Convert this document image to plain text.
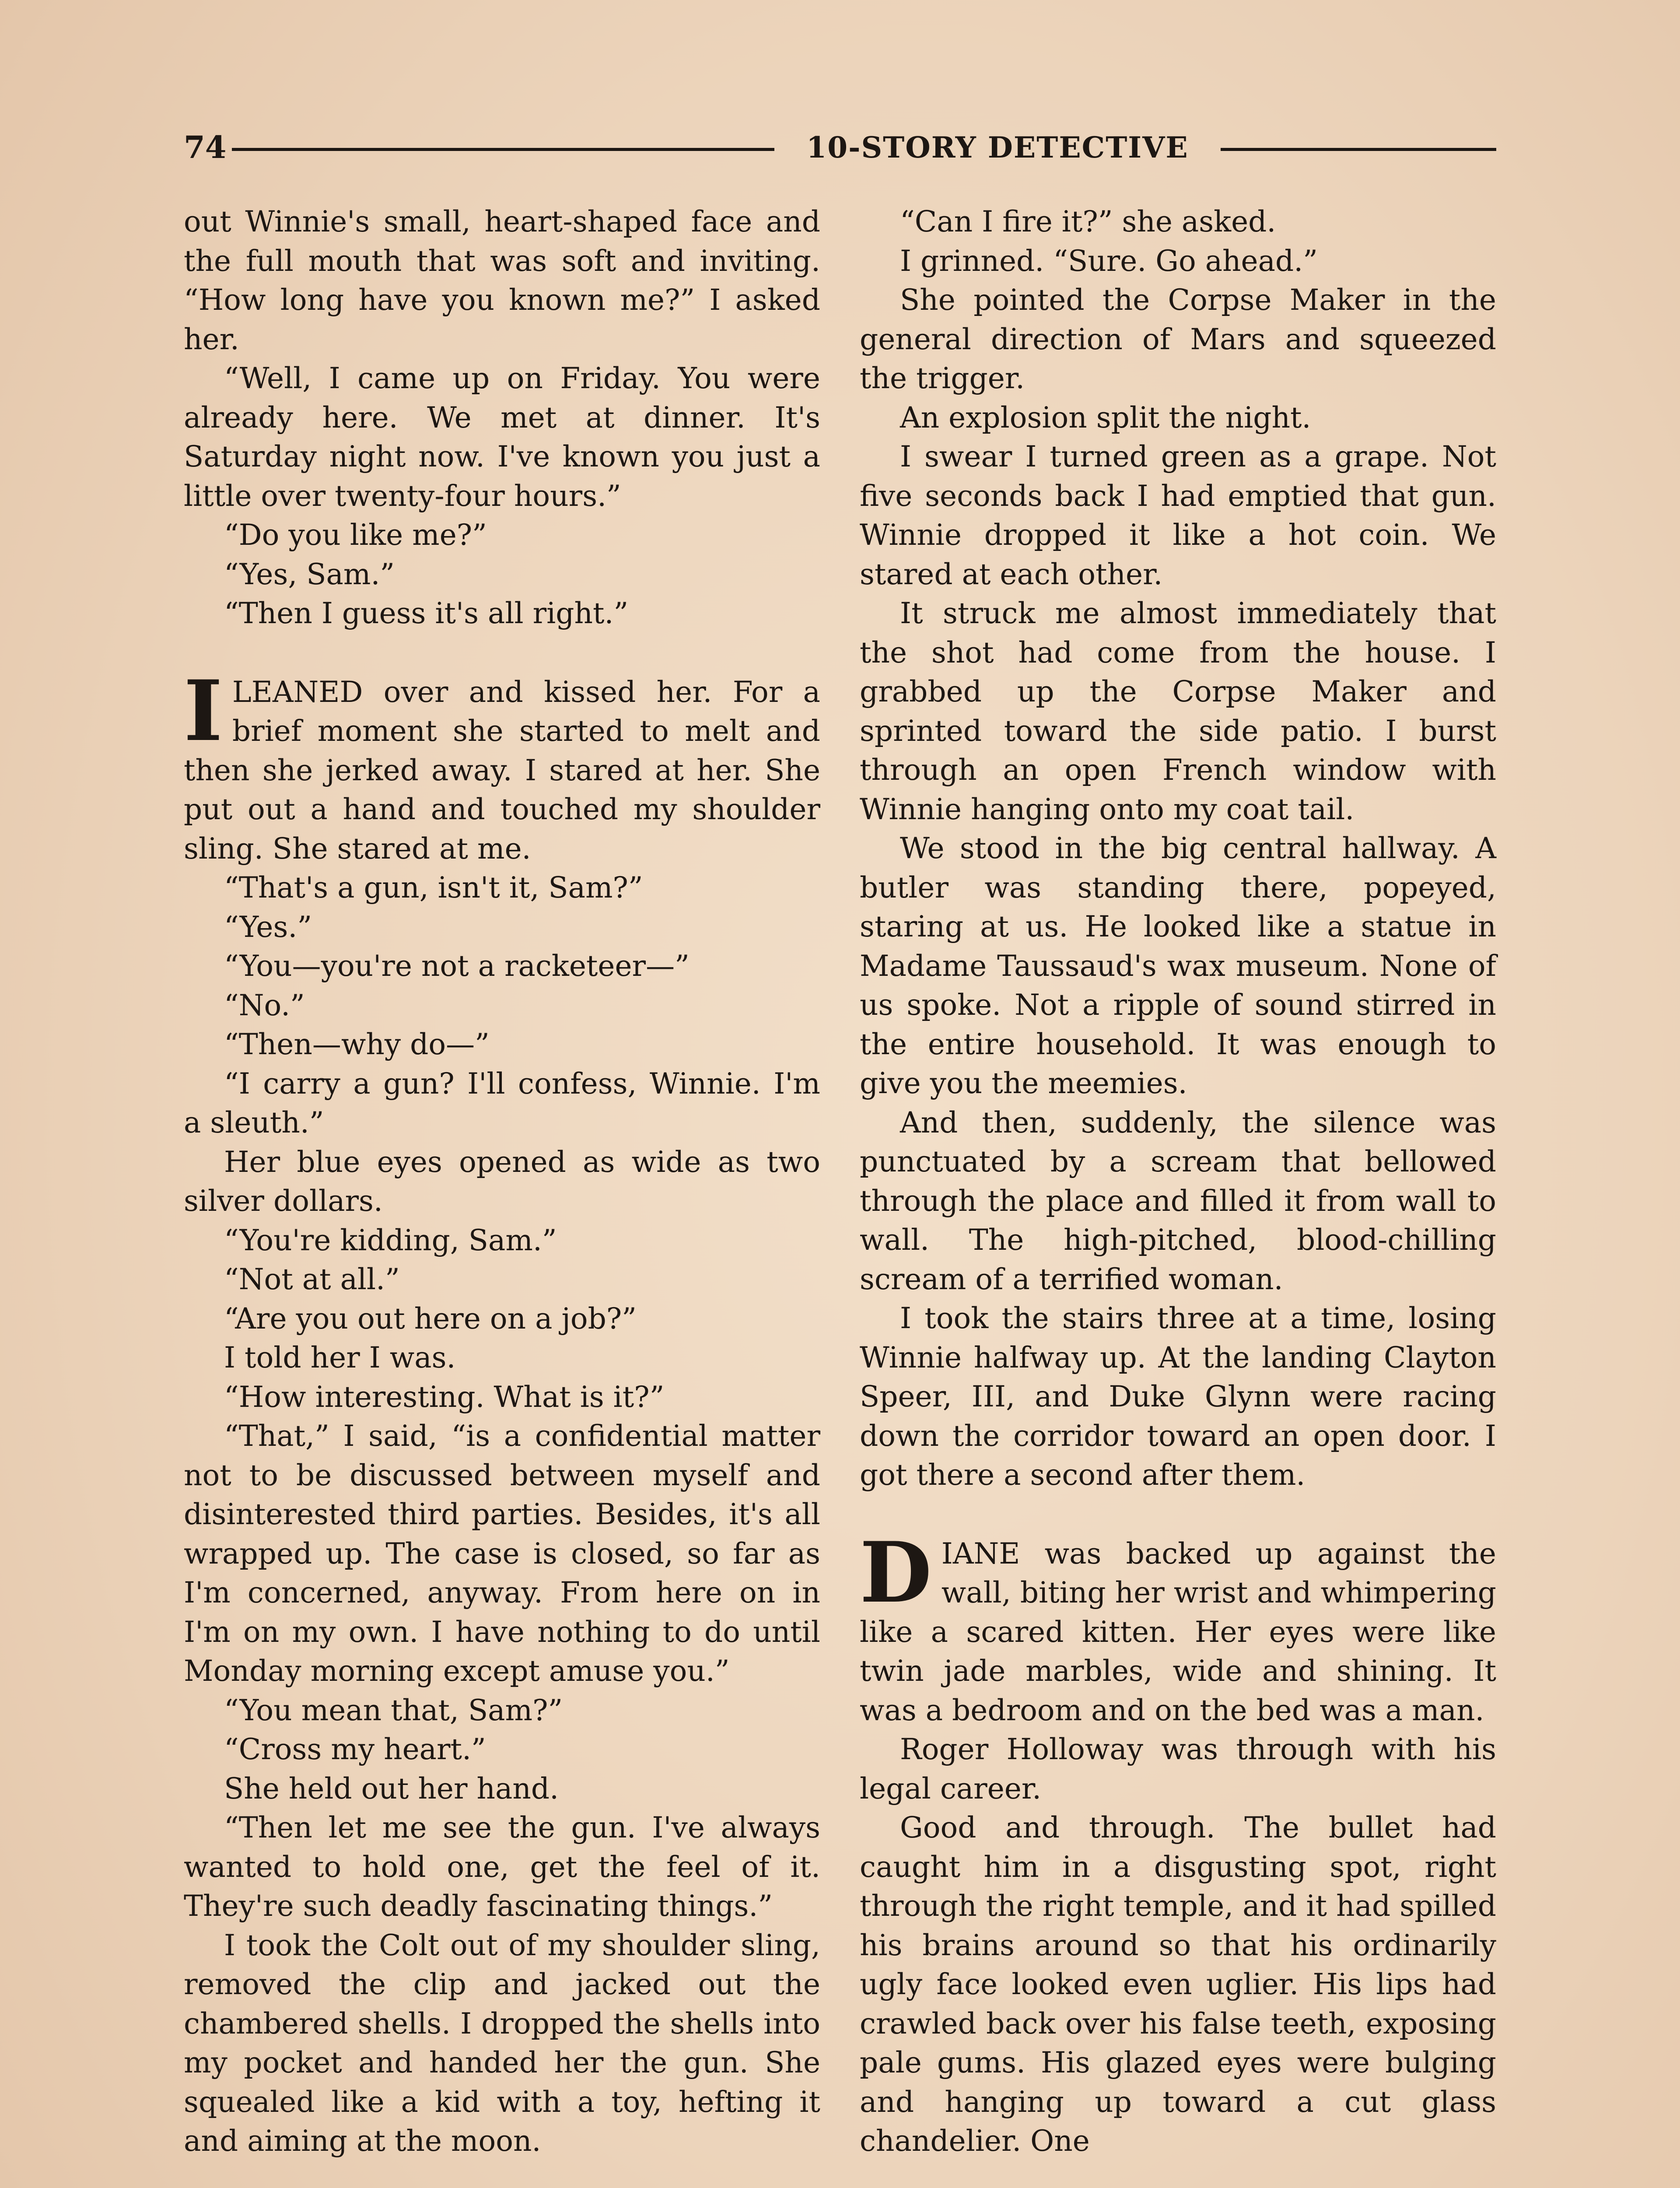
74	10-STORY DETECTIVE

out Winnie's small, heart-shaped face and the full mouth that was soft and inviting. “How long have you known me?” I asked her.

“Well, I came up on Friday. You were already here. We met at dinner. It's Saturday night now. I've known you just a little over twenty-four hours.”

“Do you like me?”

“Yes, Sam.”

“Then I guess it's all right.”

ILEANED over and kissed her. For a brief moment she started to melt and then she jerked away. I stared at her. She put out a hand and touched my shoulder sling. She stared at me.

“That's a gun, isn't it, Sam?”

“Yes.”

“You—you're not a racketeer—”

“No.”

“Then—why do—”

“I carry a gun? I'll confess, Winnie. I'm a sleuth.”

Her blue eyes opened as wide as two silver dollars.

“You're kidding, Sam.”

“Not at all.”

“Are you out here on a job?”

I told her I was.

“How interesting. What is it?”

“That,” I said, “is a confidential matter not to be discussed between myself and disinterested third parties. Besides, it's all wrapped up. The case is closed, so far as I'm concerned, anyway. From here on in I'm on my own. I have nothing to do until Monday morning except amuse you.”

“You mean that, Sam?”

“Cross my heart.”

She held out her hand.

“Then let me see the gun. I've always wanted to hold one, get the feel of it. They're such deadly fascinating things.”

I took the Colt out of my shoulder sling, removed the clip and jacked out the chambered shells. I dropped the shells into my pocket and handed her the gun. She squealed like a kid with a toy, hefting it and aiming at the moon.

“Can I fire it?” she asked.

I grinned. “Sure. Go ahead.”

She pointed the Corpse Maker in the general direction of Mars and squeezed the trigger.

An explosion split the night.

I swear I turned green as a grape. Not five seconds back I had emptied that gun. Winnie dropped it like a hot coin. We stared at each other.

It struck me almost immediately that the shot had come from the house. I grabbed up the Corpse Maker and sprinted toward the side patio. I burst through an open French window with Winnie hanging onto my coat tail.

We stood in the big central hallway. A butler was standing there, popeyed, staring at us. He looked like a statue in Madame Taussaud's wax museum. None of us spoke. Not a ripple of sound stirred in the entire household. It was enough to give you the meemies.

And then, suddenly, the silence was punctuated by a scream that bellowed through the place and filled it from wall to wall. The high-pitched, blood-chilling scream of a terrified woman.

I took the stairs three at a time, losing Winnie halfway up. At the landing Clayton Speer, III, and Duke Glynn were racing down the corridor toward an open door. I got there a second after them.

DIANE was backed up against the wall, biting her wrist and whimpering like a scared kitten. Her eyes were like twin jade marbles, wide and shining. It was a bedroom and on the bed was a man.

Roger Holloway was through with his legal career.

Good and through. The bullet had caught him in a disgusting spot, right through the right temple, and it had spilled his brains around so that his ordinarily ugly face looked even uglier. His lips had crawled back over his false teeth, exposing pale gums. His glazed eyes were bulging and hanging up toward a cut glass chandelier. One
